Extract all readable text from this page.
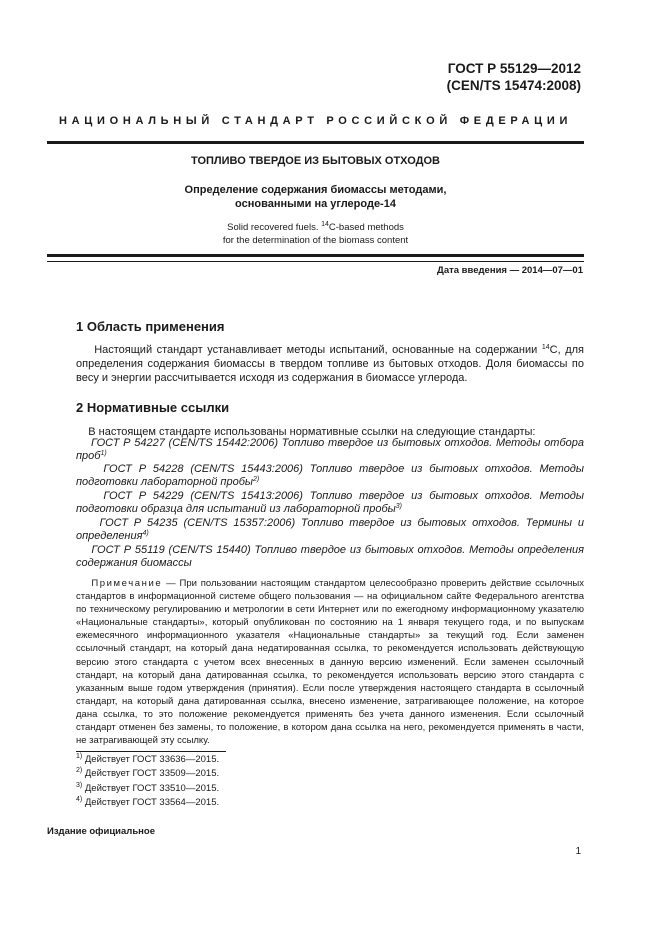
ГОСТ Р 55129—2012
(CEN/TS 15474:2008)
НАЦИОНАЛЬНЫЙ СТАНДАРТ РОССИЙСКОЙ ФЕДЕРАЦИИ
ТОПЛИВО ТВЕРДОЕ ИЗ БЫТОВЫХ ОТХОДОВ
Определение содержания биомассы методами,
основанными на углероде-14
Solid recovered fuels. $^{14}$C-based methods
for the determination of the biomass content
Дата введения — 2014—07—01
1 Область применения

Настоящий стандарт устанавливает методы испытаний, основанные на содержании $^{14}$C, для определения содержания биомассы в твердом топливе из бытовых отходов. Доля биомассы по весу и энергии рассчитывается исходя из содержания в биомассе углерода.

2 Нормативные ссылки

В настоящем стандарте использованы нормативные ссылки на следующие стандарты:

ГОСТ Р 54227 (CEN/TS 15442:2006) Топливо твердое из бытовых отходов. Методы отбора проб$^{1)}$

ГОСТ Р 54228 (CEN/TS 15443:2006) Топливо твердое из бытовых отходов. Методы подготовки лабораторной пробы$^{2)}$

ГОСТ Р 54229 (CEN/TS 15413:2006) Топливо твердое из бытовых отходов. Методы подготовки образца для испытаний из лабораторной пробы$^{3)}$

ГОСТ Р 54235 (CEN/TS 15357:2006) Топливо твердое из бытовых отходов. Термины и определения$^{4)}$

ГОСТ Р 55119 (CEN/TS 15440) Топливо твердое из бытовых отходов. Методы определения содержания биомассы

Примечание — При пользовании настоящим стандартом целесообразно проверить действие ссылочных стандартов в информационной системе общего пользования — на официальном сайте Федерального агентства по техническому регулированию и метрологии в сети Интернет или по ежегодному информационному указателю «Национальные стандарты», который опубликован по состоянию на 1 января текущего года, и по выпускам ежемесячного информационного указателя «Национальные стандарты» за текущий год. Если заменен ссылочный стандарт, на который дана недатированная ссылка, то рекомендуется использовать действующую версию этого стандарта с учетом всех внесенных в данную версию изменений. Если заменен ссылочный стандарт, на который дана датированная ссылка, то рекомендуется использовать версию этого стандарта с указанным выше годом утверждения (принятия). Если после утверждения настоящего стандарта в ссылочный стандарт, на который дана датированная ссылка, внесено изменение, затрагивающее положение, на которое дана ссылка, то это положение рекомендуется применять без учета данного изменения. Если ссылочный стандарт отменен без замены, то положение, в котором дана ссылка на него, рекомендуется применять в части, не затрагивающей эту ссылку.

$^{1)}$ Действует ГОСТ 33636—2015.
$^{2)}$ Действует ГОСТ 33509—2015.
$^{3)}$ Действует ГОСТ 33510—2015.
$^{4)}$ Действует ГОСТ 33564—2015.
Издание официальное
1
